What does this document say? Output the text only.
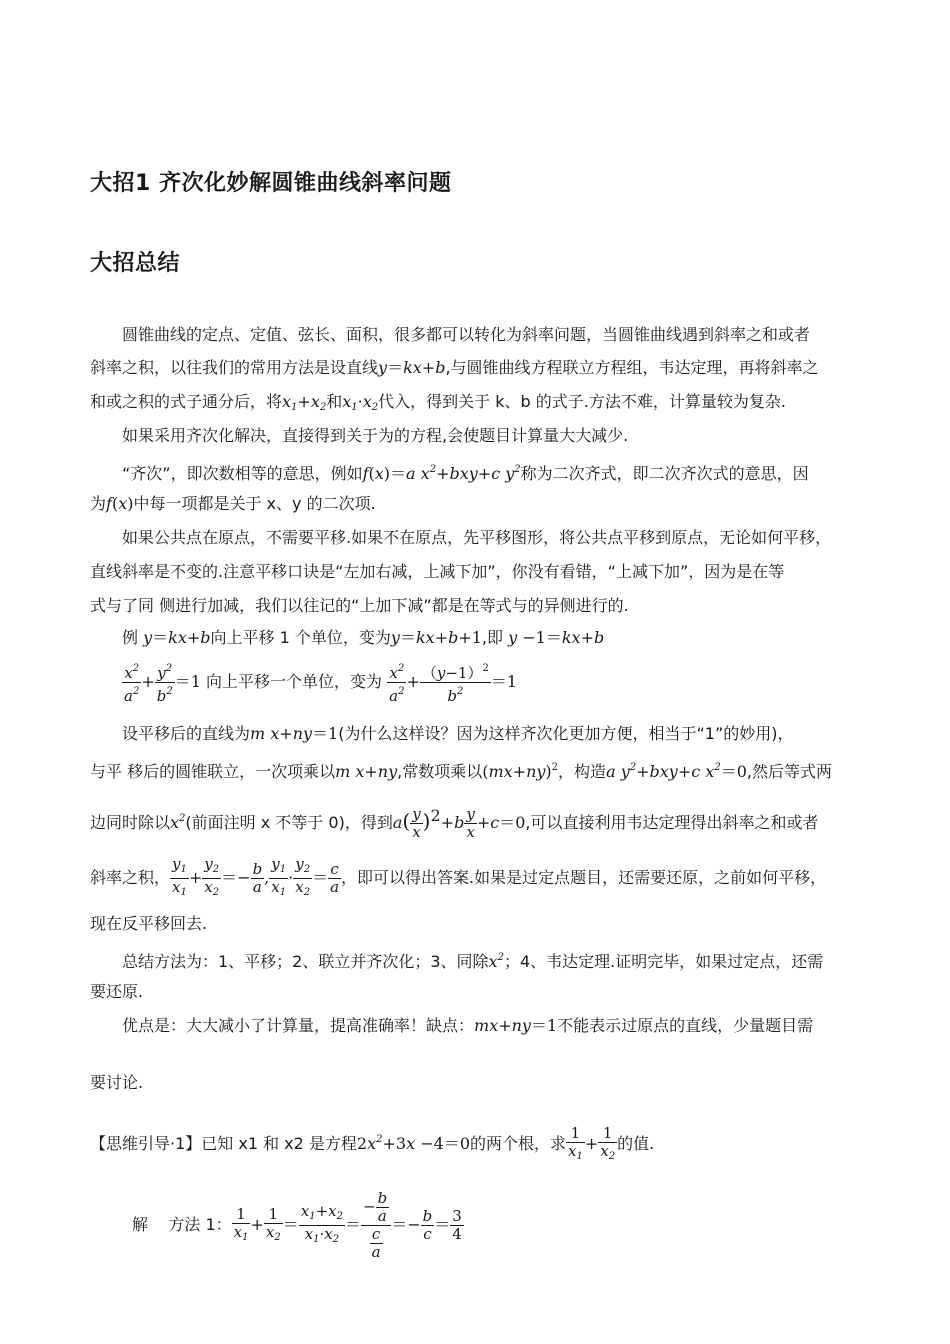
大招1 齐次化妙解圆锥曲线斜率问题
大招总结
圆锥曲线的定点、定值、弦长、面积，很多都可以转化为斜率问题，当圆锥曲线遇到斜率之和或者
斜率之积，以往我们的常用方法是设直线y＝kx+b,与圆锥曲线方程联立方程组，韦达定理，再将斜率之
和或之积的式子通分后，将$x_1+x_2$和$x_1\cdot x_2$代入，得到关于 k、b 的式子.方法不难，计算量较为复杂.
如果采用齐次化解决，直接得到关于为的方程,会使题目计算量大大减少.
“齐次”，即次数相等的意思，例如f(x)＝a $x^2+bxy+c$ $y^2$称为二次齐式，即二次齐次式的意思，因
为f(x)中每一项都是关于 x、y 的二次项.
如果公共点在原点，不需要平移.如果不在原点，先平移图形，将公共点平移到原点，无论如何平移，
直线斜率是不变的.注意平移口诀是“左加右减，上减下加”，你没有看错，“上减下加”，因为是在等
式与了同 侧进行加减，我们以往记的“上加下减”都是在等式与的异侧进行的.
例 y＝kx+b向上平移 1 个单位，变为y＝kx+b+1,即 y −1＝kx+b
$\frac{x^2}{a^2} + \frac{y^2}{b^2} =1$ 向上平移一个单位，变为 $\frac{x^2}{a^2} + \frac{(y-1)^2}{b^2} =1$
设平移后的直线为m x+ny＝1(为什么这样设？因为这样齐次化更加方便，相当于“1”的妙用)，
与平 移后的圆锥联立，一次项乘以m x+ny,常数项乘以$(mx+ny)^2$，构造a $y^2+bxy+c$ $x^2=0$,然后等式两
边同时除以$x^2$(前面注明 x 不等于 0)，得到$a( \frac{y}{x} )^2+b \frac{y}{x} +c=0$,可以直接利用韦达定理得出斜率之和或者
斜率之积， $\frac{y_1}{x_1} + \frac{y_2}{x_2} =- \frac{b}{a}$ , $\frac{y_1}{x_1} \cdot \frac{y_2}{x_2} = \frac{c}{a}$ ，即可以得出答案.如果是过定点题目，还需要还原，之前如何平移，
现在反平移回去.
总结方法为：1、平移；2、联立并齐次化；3、同除$x^2$；4、韦达定理.证明完毕，如果过定点，还需
要还原.
优点是：大大减小了计算量，提高准确率！缺点：mx+ny＝1不能表示过原点的直线，少量题目需
要讨论.
【思维引导·1】已知 x1 和 x2 是方程$2x^2+3x -4=0$的两个根，求 $\frac{1}{x_1} + \frac{1}{x_2}$ 的值.
解 方法 1： $\frac{1}{x_1} + \frac{1}{x_2} = \frac{x_1+x_2}{x_1\cdot x_2} = \frac{- \frac{b}{a}}{\frac{c}{a}} =- \frac{b}{c} = \frac{3}{4}$
